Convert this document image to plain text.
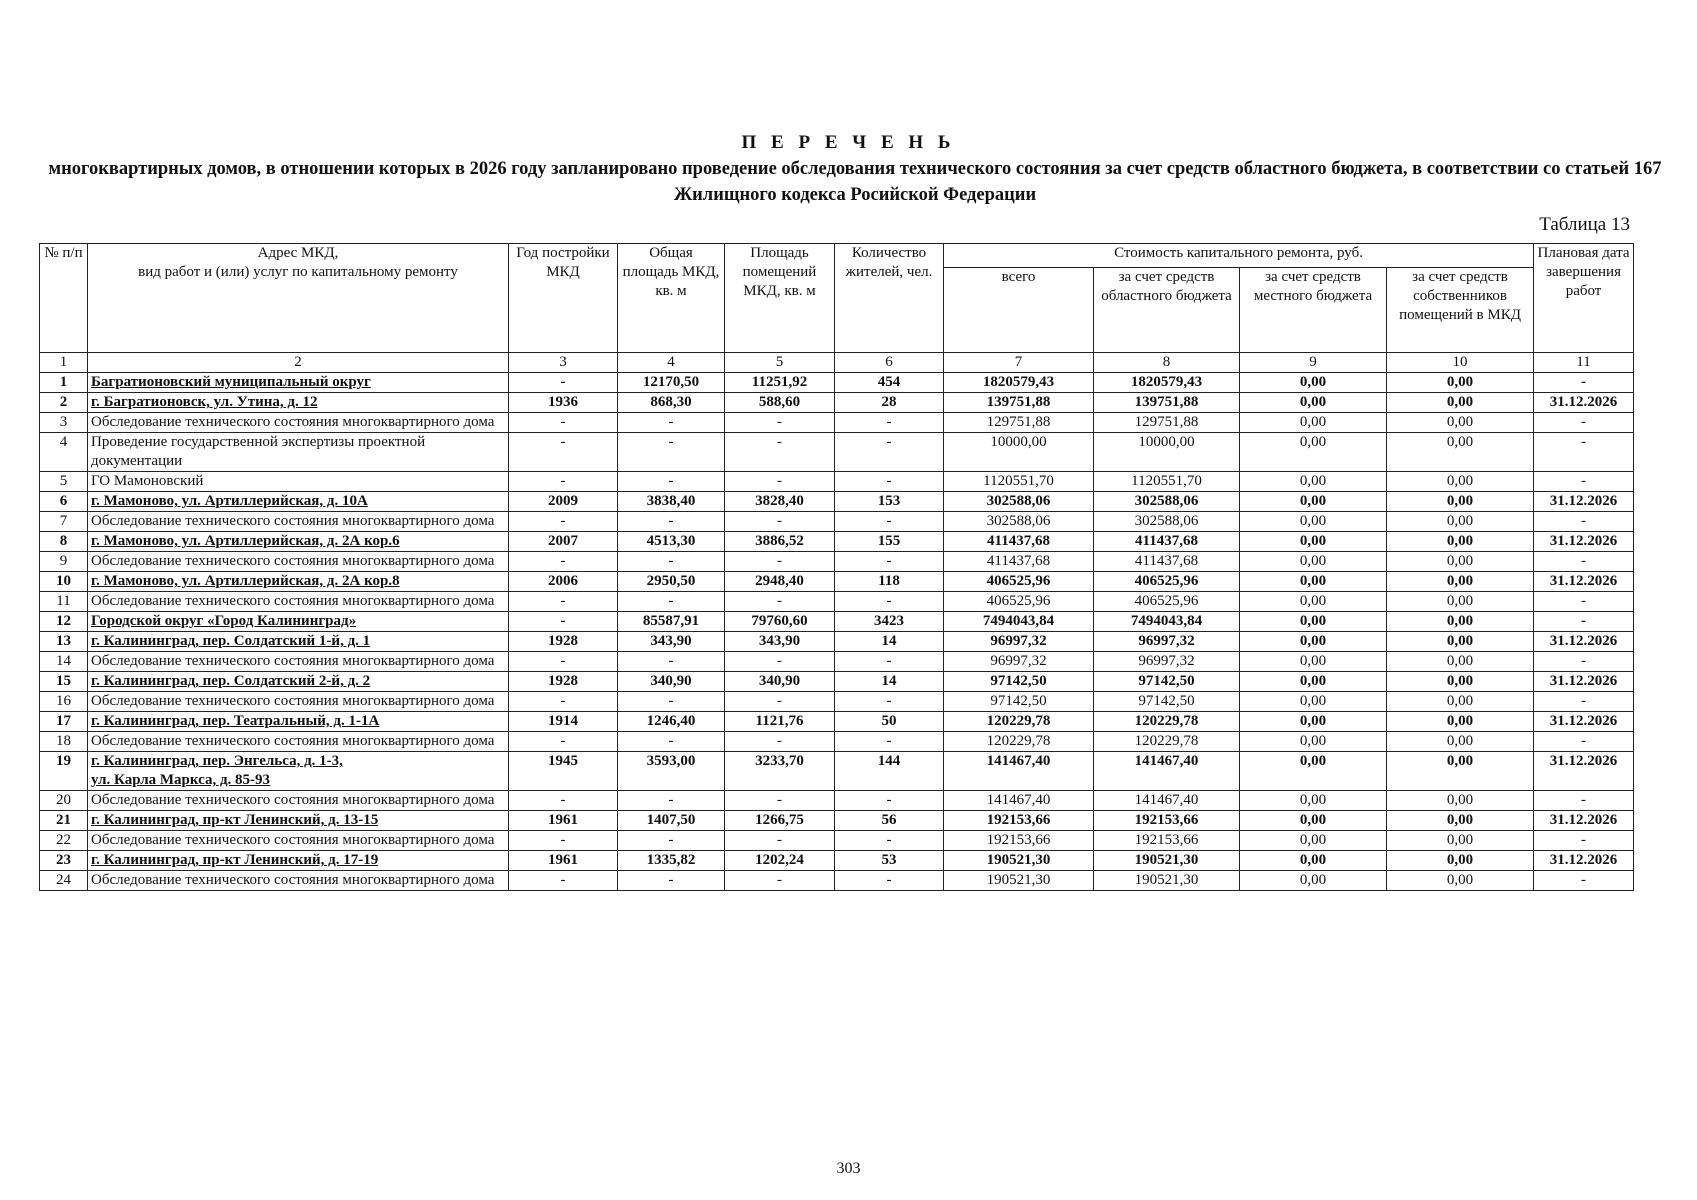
П Е Р Е Ч Е Н Ь
многоквартирных домов, в отношении которых в 2026 году запланировано проведение обследования технического состояния за счет средств областного бюджета, в соответствии со статьей 167 Жилищного кодекса Росийской Федерации
Таблица 13
№ п/п	Адрес МКД,
вид работ и (или) услуг по капитальному ремонту	Год постройки МКД	Общая площадь МКД, кв. м	Площадь помещений МКД, кв. м	Количество жителей, чел.	Стоимость капитального ремонта, руб.				Плановая дата завершения работ
						всего	за счет средств областного бюджета	за счет средств местного бюджета	за счет средств собственников помещений в МКД	
1	2	3	4	5	6	7	8	9	10	11
1	Багратионовский муниципальный округ	-	12170,50	11251,92	454	1820579,43	1820579,43	0,00	0,00	-
2	г. Багратионовск, ул. Утина, д. 12	1936	868,30	588,60	28	139751,88	139751,88	0,00	0,00	31.12.2026
3	Обследование технического состояния многоквартирного дома	-	-	-	-	129751,88	129751,88	0,00	0,00	-
4	Проведение государственной экспертизы проектной документации	-	-	-	-	10000,00	10000,00	0,00	0,00	-
5	ГО Мамоновский	-	-	-	-	1120551,70	1120551,70	0,00	0,00	-
6	г. Мамоново, ул. Артиллерийская, д. 10А	2009	3838,40	3828,40	153	302588,06	302588,06	0,00	0,00	31.12.2026
7	Обследование технического состояния многоквартирного дома	-	-	-	-	302588,06	302588,06	0,00	0,00	-
8	г. Мамоново, ул. Артиллерийская, д. 2А кор.6	2007	4513,30	3886,52	155	411437,68	411437,68	0,00	0,00	31.12.2026
9	Обследование технического состояния многоквартирного дома	-	-	-	-	411437,68	411437,68	0,00	0,00	-
10	г. Мамоново, ул. Артиллерийская, д. 2А кор.8	2006	2950,50	2948,40	118	406525,96	406525,96	0,00	0,00	31.12.2026
11	Обследование технического состояния многоквартирного дома	-	-	-	-	406525,96	406525,96	0,00	0,00	-
12	Городской округ «Город Калининград»	-	85587,91	79760,60	3423	7494043,84	7494043,84	0,00	0,00	-
13	г. Калининград, пер. Солдатский 1-й, д. 1	1928	343,90	343,90	14	96997,32	96997,32	0,00	0,00	31.12.2026
14	Обследование технического состояния многоквартирного дома	-	-	-	-	96997,32	96997,32	0,00	0,00	-
15	г. Калининград, пер. Солдатский 2-й, д. 2	1928	340,90	340,90	14	97142,50	97142,50	0,00	0,00	31.12.2026
16	Обследование технического состояния многоквартирного дома	-	-	-	-	97142,50	97142,50	0,00	0,00	-
17	г. Калининград, пер. Театральный, д. 1-1А	1914	1246,40	1121,76	50	120229,78	120229,78	0,00	0,00	31.12.2026
18	Обследование технического состояния многоквартирного дома	-	-	-	-	120229,78	120229,78	0,00	0,00	-
19	г. Калининград, пер. Энгельса, д. 1-3,
ул. Карла Маркса, д. 85-93	1945	3593,00	3233,70	144	141467,40	141467,40	0,00	0,00	31.12.2026
20	Обследование технического состояния многоквартирного дома	-	-	-	-	141467,40	141467,40	0,00	0,00	-
21	г. Калининград, пр-кт Ленинский, д. 13-15	1961	1407,50	1266,75	56	192153,66	192153,66	0,00	0,00	31.12.2026
22	Обследование технического состояния многоквартирного дома	-	-	-	-	192153,66	192153,66	0,00	0,00	-
23	г. Калининград, пр-кт Ленинский, д. 17-19	1961	1335,82	1202,24	53	190521,30	190521,30	0,00	0,00	31.12.2026
24	Обследование технического состояния многоквартирного дома	-	-	-	-	190521,30	190521,30	0,00	0,00	-
303
